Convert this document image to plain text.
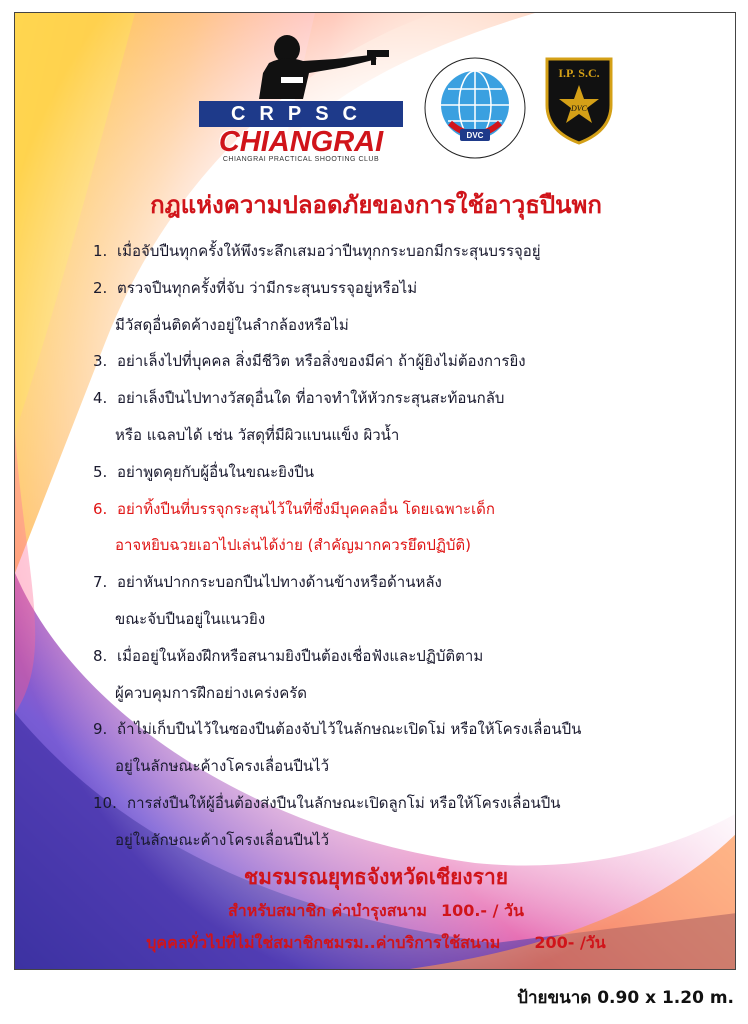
CRPSC
CHIANGRAI
CHIANGRAI PRACTICAL SHOOTING CLUB
DVC
I.P. S.C.
DVC
กฎแห่งความปลอดภัยของการใช้อาวุธปืนพก
1. เมื่อจับปืนทุกครั้งให้พึงระลึกเสมอว่าปืนทุกกระบอกมีกระสุนบรรจุอยู่
2. ตรวจปืนทุกครั้งที่จับ ว่ามีกระสุนบรรจุอยู่หรือไม่
มีวัสดุอื่นติดค้างอยู่ในลำกล้องหรือไม่
3. อย่าเล็งไปที่บุคคล สิ่งมีชีวิต หรือสิ่งของมีค่า ถ้าผู้ยิงไม่ต้องการยิง
4. อย่าเล็งปืนไปทางวัสดุอื่นใด ที่อาจทำให้หัวกระสุนสะท้อนกลับ
หรือ แฉลบได้ เช่น วัสดุที่มีผิวแบนแข็ง ผิวน้ำ
5. อย่าพูดคุยกับผู้อื่นในขณะยิงปืน
6. อย่าทิ้งปืนที่บรรจุกระสุนไว้ในที่ซึ่งมีบุคคลอื่น โดยเฉพาะเด็ก
อาจหยิบฉวยเอาไปเล่นได้ง่าย (สำคัญมากควรยึดปฏิบัติ)
7. อย่าหันปากกระบอกปืนไปทางด้านข้างหรือด้านหลัง
ขณะจับปืนอยู่ในแนวยิง
8. เมื่ออยู่ในห้องฝึกหรือสนามยิงปืนต้องเชื่อฟังและปฏิบัติตาม
ผู้ควบคุมการฝึกอย่างเคร่งครัด
9. ถ้าไม่เก็บปืนไว้ในซองปืนต้องจับไว้ในลักษณะเปิดโม่ หรือให้โครงเลื่อนปืน
อยู่ในลักษณะค้างโครงเลื่อนปืนไว้
10. การส่งปืนให้ผู้อื่นต้องส่งปืนในลักษณะเปิดลูกโม่ หรือให้โครงเลื่อนปืน
อยู่ในลักษณะค้างโครงเลื่อนปืนไว้
ชมรมรณยุทธจังหวัดเชียงราย
สำหรับสมาชิก ค่าบำรุงสนาม 100.- / วัน
บุคคลทั่วไปที่ไม่ใช่สมาชิกชมรม..ค่าบริการใช้สนาม 200- /วัน
ป้ายขนาด 0.90 x 1.20 m.
